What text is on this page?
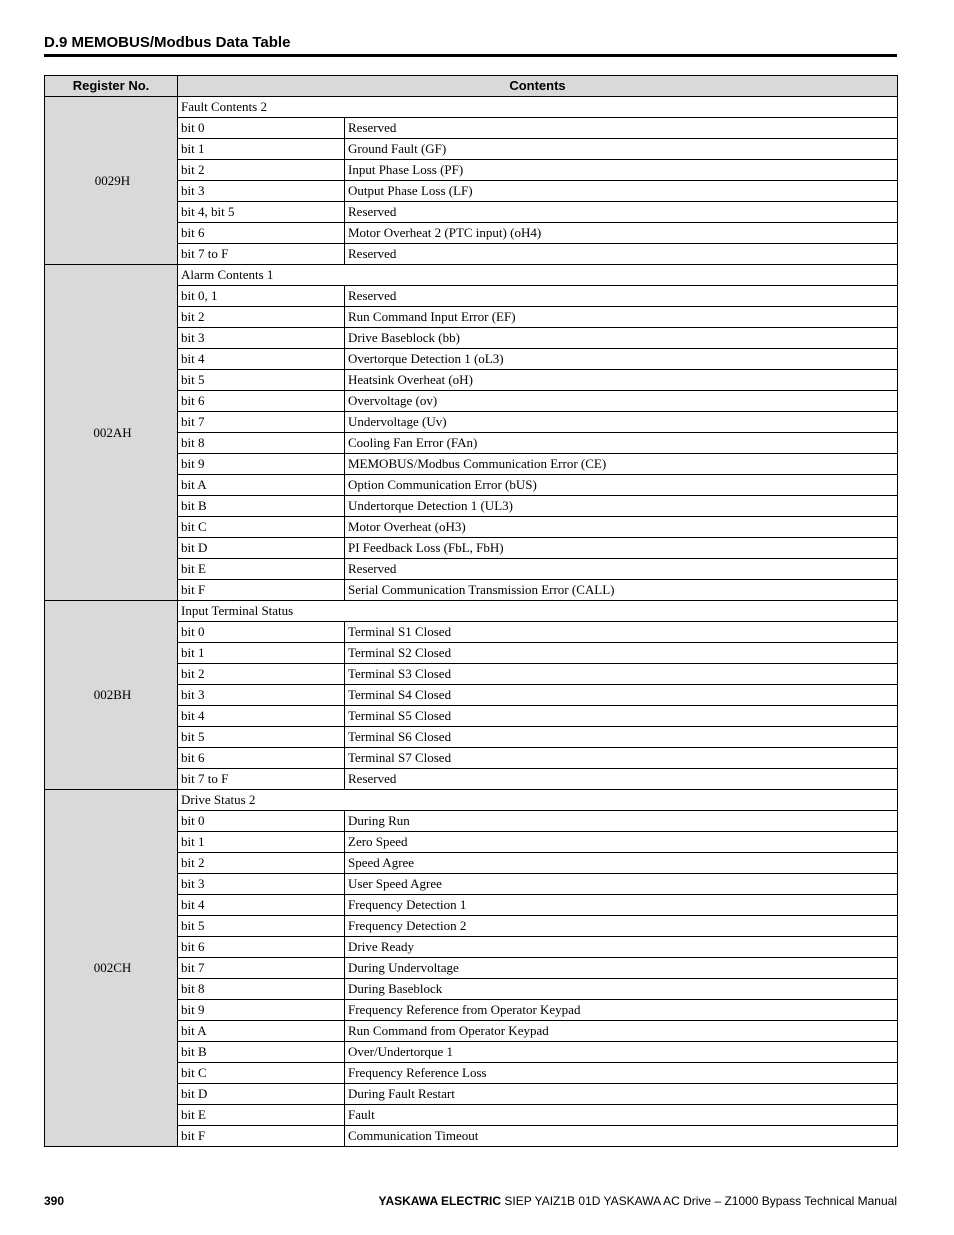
D.9 MEMOBUS/Modbus Data Table
Register No.	Contents	
0029H	Fault Contents 2	
	bit 0	Reserved
	bit 1	Ground Fault (GF)
	bit 2	Input Phase Loss (PF)
	bit 3	Output Phase Loss (LF)
	bit 4, bit 5	Reserved
	bit 6	Motor Overheat 2 (PTC input) (oH4)
	bit 7 to F	Reserved
002AH	Alarm Contents 1	
	bit 0, 1	Reserved
	bit 2	Run Command Input Error (EF)
	bit 3	Drive Baseblock (bb)
	bit 4	Overtorque Detection 1 (oL3)
	bit 5	Heatsink Overheat (oH)
	bit 6	Overvoltage (ov)
	bit 7	Undervoltage (Uv)
	bit 8	Cooling Fan Error (FAn)
	bit 9	MEMOBUS/Modbus Communication Error (CE)
	bit A	Option Communication Error (bUS)
	bit B	Undertorque Detection 1 (UL3)
	bit C	Motor Overheat (oH3)
	bit D	PI Feedback Loss (FbL, FbH)
	bit E	Reserved
	bit F	Serial Communication Transmission Error (CALL)
002BH	Input Terminal Status	
	bit 0	Terminal S1 Closed
	bit 1	Terminal S2 Closed
	bit 2	Terminal S3 Closed
	bit 3	Terminal S4 Closed
	bit 4	Terminal S5 Closed
	bit 5	Terminal S6 Closed
	bit 6	Terminal S7 Closed
	bit 7 to F	Reserved
002CH	Drive Status 2	
	bit 0	During Run
	bit 1	Zero Speed
	bit 2	Speed Agree
	bit 3	User Speed Agree
	bit 4	Frequency Detection 1
	bit 5	Frequency Detection 2
	bit 6	Drive Ready
	bit 7	During Undervoltage
	bit 8	During Baseblock
	bit 9	Frequency Reference from Operator Keypad
	bit A	Run Command from Operator Keypad
	bit B	Over/Undertorque 1
	bit C	Frequency Reference Loss
	bit D	During Fault Restart
	bit E	Fault
	bit F	Communication Timeout
390	YASKAWA ELECTRIC SIEP YAIZ1B 01D YASKAWA AC Drive – Z1000 Bypass Technical Manual
